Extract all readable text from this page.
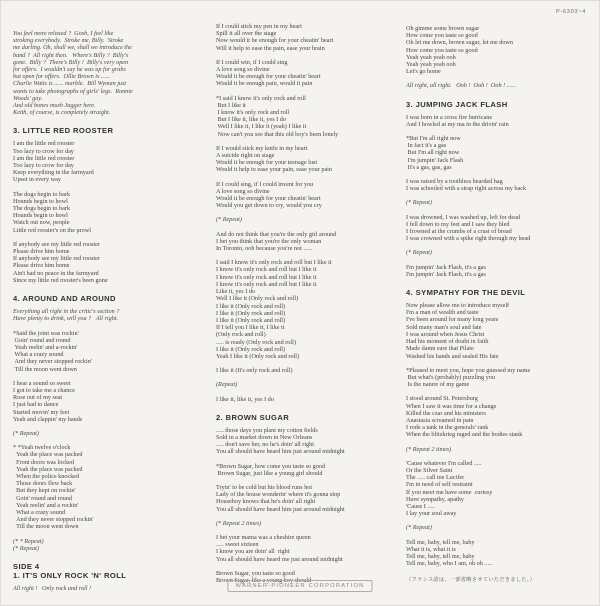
P-6303~4
You feel more relaxed ?  Gosh, I feel like
stroking everybody.  Stroke me, Billy.  Stroke
me darling. Oh, shall we, shall we introduce the
band ?  All right then.   Where's Billy ?  Billy's
gone.  Billy ?  There's Billy !  Billy's very open
for offers.  I wouldn't say he was up for grabs
but open for offers.  Ollie Brown is ......
Charlie Watts is ...... marble.  Bill Wyman just
wants to take photographs of girls' legs.  Ronnie
Woods' gay.
And old bones mush Jagger here.
Keith, of course, is completely straight.
3. LITTLE RED ROOSTER
I am the little red rooster
Too lazy to crow for day
I am the little red rooster
Too lazy to crow for day
Keep everything in the farmyard
Upset in every way
The dogs begin to bark
Hounds begin to howl
The dogs begin to bark
Hounds begin to howl
Watch out now, people
Little red rooster's on the prowl
If anybody see my little red rooster
Please drive him home
If anybody see my little red rooster
Please drive him home
Ain't had no peace in the farmyard
Since my little red rooster's been gone
4. AROUND AND AROUND
Everything all right in the critic's section ?
Have plenty to drink, will you ?   All right.
*Said the joint was rockin'
Goin' round and round
Yeah reelin' and a-rockin'
What a crazy sound
And they never stopped rockin'
Till the moon went down
I hear a sound so sweet
I got to take me a chance
Rose out of my seat
I just had to dance
Started movin' my feet
Yeah and clappin' my hands
(* Repeat)
* *Yeah twelve o'clock
Yeah the place was packed
Front doors was locked
Yeah the place was packed
When the police knocked
Those doors flew back
But they kept on rockin'
Goin' round and round
Yeah reelin' and a rockin'
What a crazy sound
And they never stopped rockin'
Till the moon went down
(* * Repeat)
(* Repeat)
SIDE 4
1. IT'S ONLY ROCK 'N' ROLL
All right !   Only rock and roll !
If I could stick my pen in my heart
Spill it all over the stage
Now would it be enough for your cheatin' heart
Will it help to ease the pain, ease your brain
If I could win, if I could sing
A love song so divine
Would it be enough for your cheatin' heart
Would it be enough pain, would it pain
*I said I know it's only rock and roll
But I like it
I know it's only rock and roll
But I like it, like it, yes I do
Well I like it, I like it (yeah) I like it
Now can't you see that this old boy's been lonely
If I would stick my knife in my heart
A suicide right on stage
Would it be enough for your teenage lust
Would it help to ease your pain, ease your pain
If I could sing, if I could invent for you
A love song so divine
Would it be enough for your cheatin' heart
Would you get down to cry, would you cry
(* Repeat)
And do not think that you're the only girl around
I bet you think that you're the only woman
In Toronto, ooh because you're not ......
I said I know it's only rock and roll but I like it
I know it's only rock and roll but I like it
I know it's only rock and roll but I like it
I know it's only rock and roll but I like it
Like it, yes I do
Well I like it (Only rock and roll)
I like it (Only rock and roll)
I like it (Only rock and roll)
I like it (Only rock and roll)
If I tell you I like it, I like it
(Only rock and roll)
..... is ready (Only rock and roll)
I like it (Only rock and roll)
Yeah I like it (Only rock and roll)
I like it (It's only rock and roll)
(Repeat)
I like it, like it, yes I do
2. BROWN SUGAR
..... those days you plant my cotton fields
Sold in a market down in New Orleans
..... don't save her, no he's doin' all right
You all should have heard him just around midnight
*Brown Sugar, how come you taste so good
Brown Sugar, just like a young girl should
Tryin' to be cold but his blood runs hot
Lady of the house wonderin' where it's gonna stop
Houseboy knows that he's doin' all right
You all should have heard him just around midnight
(* Repeat 2 times)
I bet your mama was a cheshire queen
..... sweet sixteen
I know you are doin' all  right
You all should have heard me just around midnight
Brown Sugar, you taste so good
Brown Sugar, like a young boy should
Oh gimme some brown sugar
How come you taste so good
Oh let me down, brown sugar, let me down
How come you taste so good
Yeah yeah yeah ooh
Yeah yeah yeah ooh
Let's go home
All right, all right.   Ooh !  Ooh !  Ooh ! ......
3. JUMPING JACK FLASH
I was born in a cross fire hurricane
And I howled at my ma in the drivin' rain
*But I'm all right now
In fact it's a gas
But I'm all right now
I'm jumpin' Jack Flash
It's a gas, gas, gas
I was raised by a toothless bearded hag
I was schooled with a strap right across my back
(* Repeat)
I was drowned, I was washed up, left for dead
I fell down to my feet and I saw they bled
I frowned at the crumbs of a crust of bread
I was crowned with a spike right through my head
(* Repeat)
I'm jumpin' Jack Flash, it's a gas
I'm jumpin' Jack Flash, it's a gas
4. SYMPATHY FOR THE DEVIL
Now please allow me to introduce myself
I'm a man of wealth and taste
I've been around for many long years
Sold many man's soul and fate
I was around when Jesus Christ
Had his moment of doubt in faith
Made damn sure that Pilate
Washed his hands and sealed His fate
*Pleased to meet you, hope you guessed my name
But what's (probably) puzzling you
Is the nature of my game
I stood around St. Petersburg
When I saw it was time for a change
Killed the czar and his ministers
Anastasia screamed in pain
I rode a tank in the generals' rank
When the blitzkrieg raged and the bodies stank
(* Repeat 2 times)
'Cause whatever I'm called .....
Or the Silver Saint
The ..... call me Lucifer
I'm in need of self restraint
If you meet me have some  curtesy
Have sympathy, apathy
'Cause I .....
I lay your soul away
(* Repeat)
Tell me, baby, tell me, baby
What it is, what it is
Tell me, baby, tell me, baby
Tell me, baby, who I am, oh oh .....
（フランス語は、一部省略させていただきました。）
WARNER-PIONEER CORPORATION
